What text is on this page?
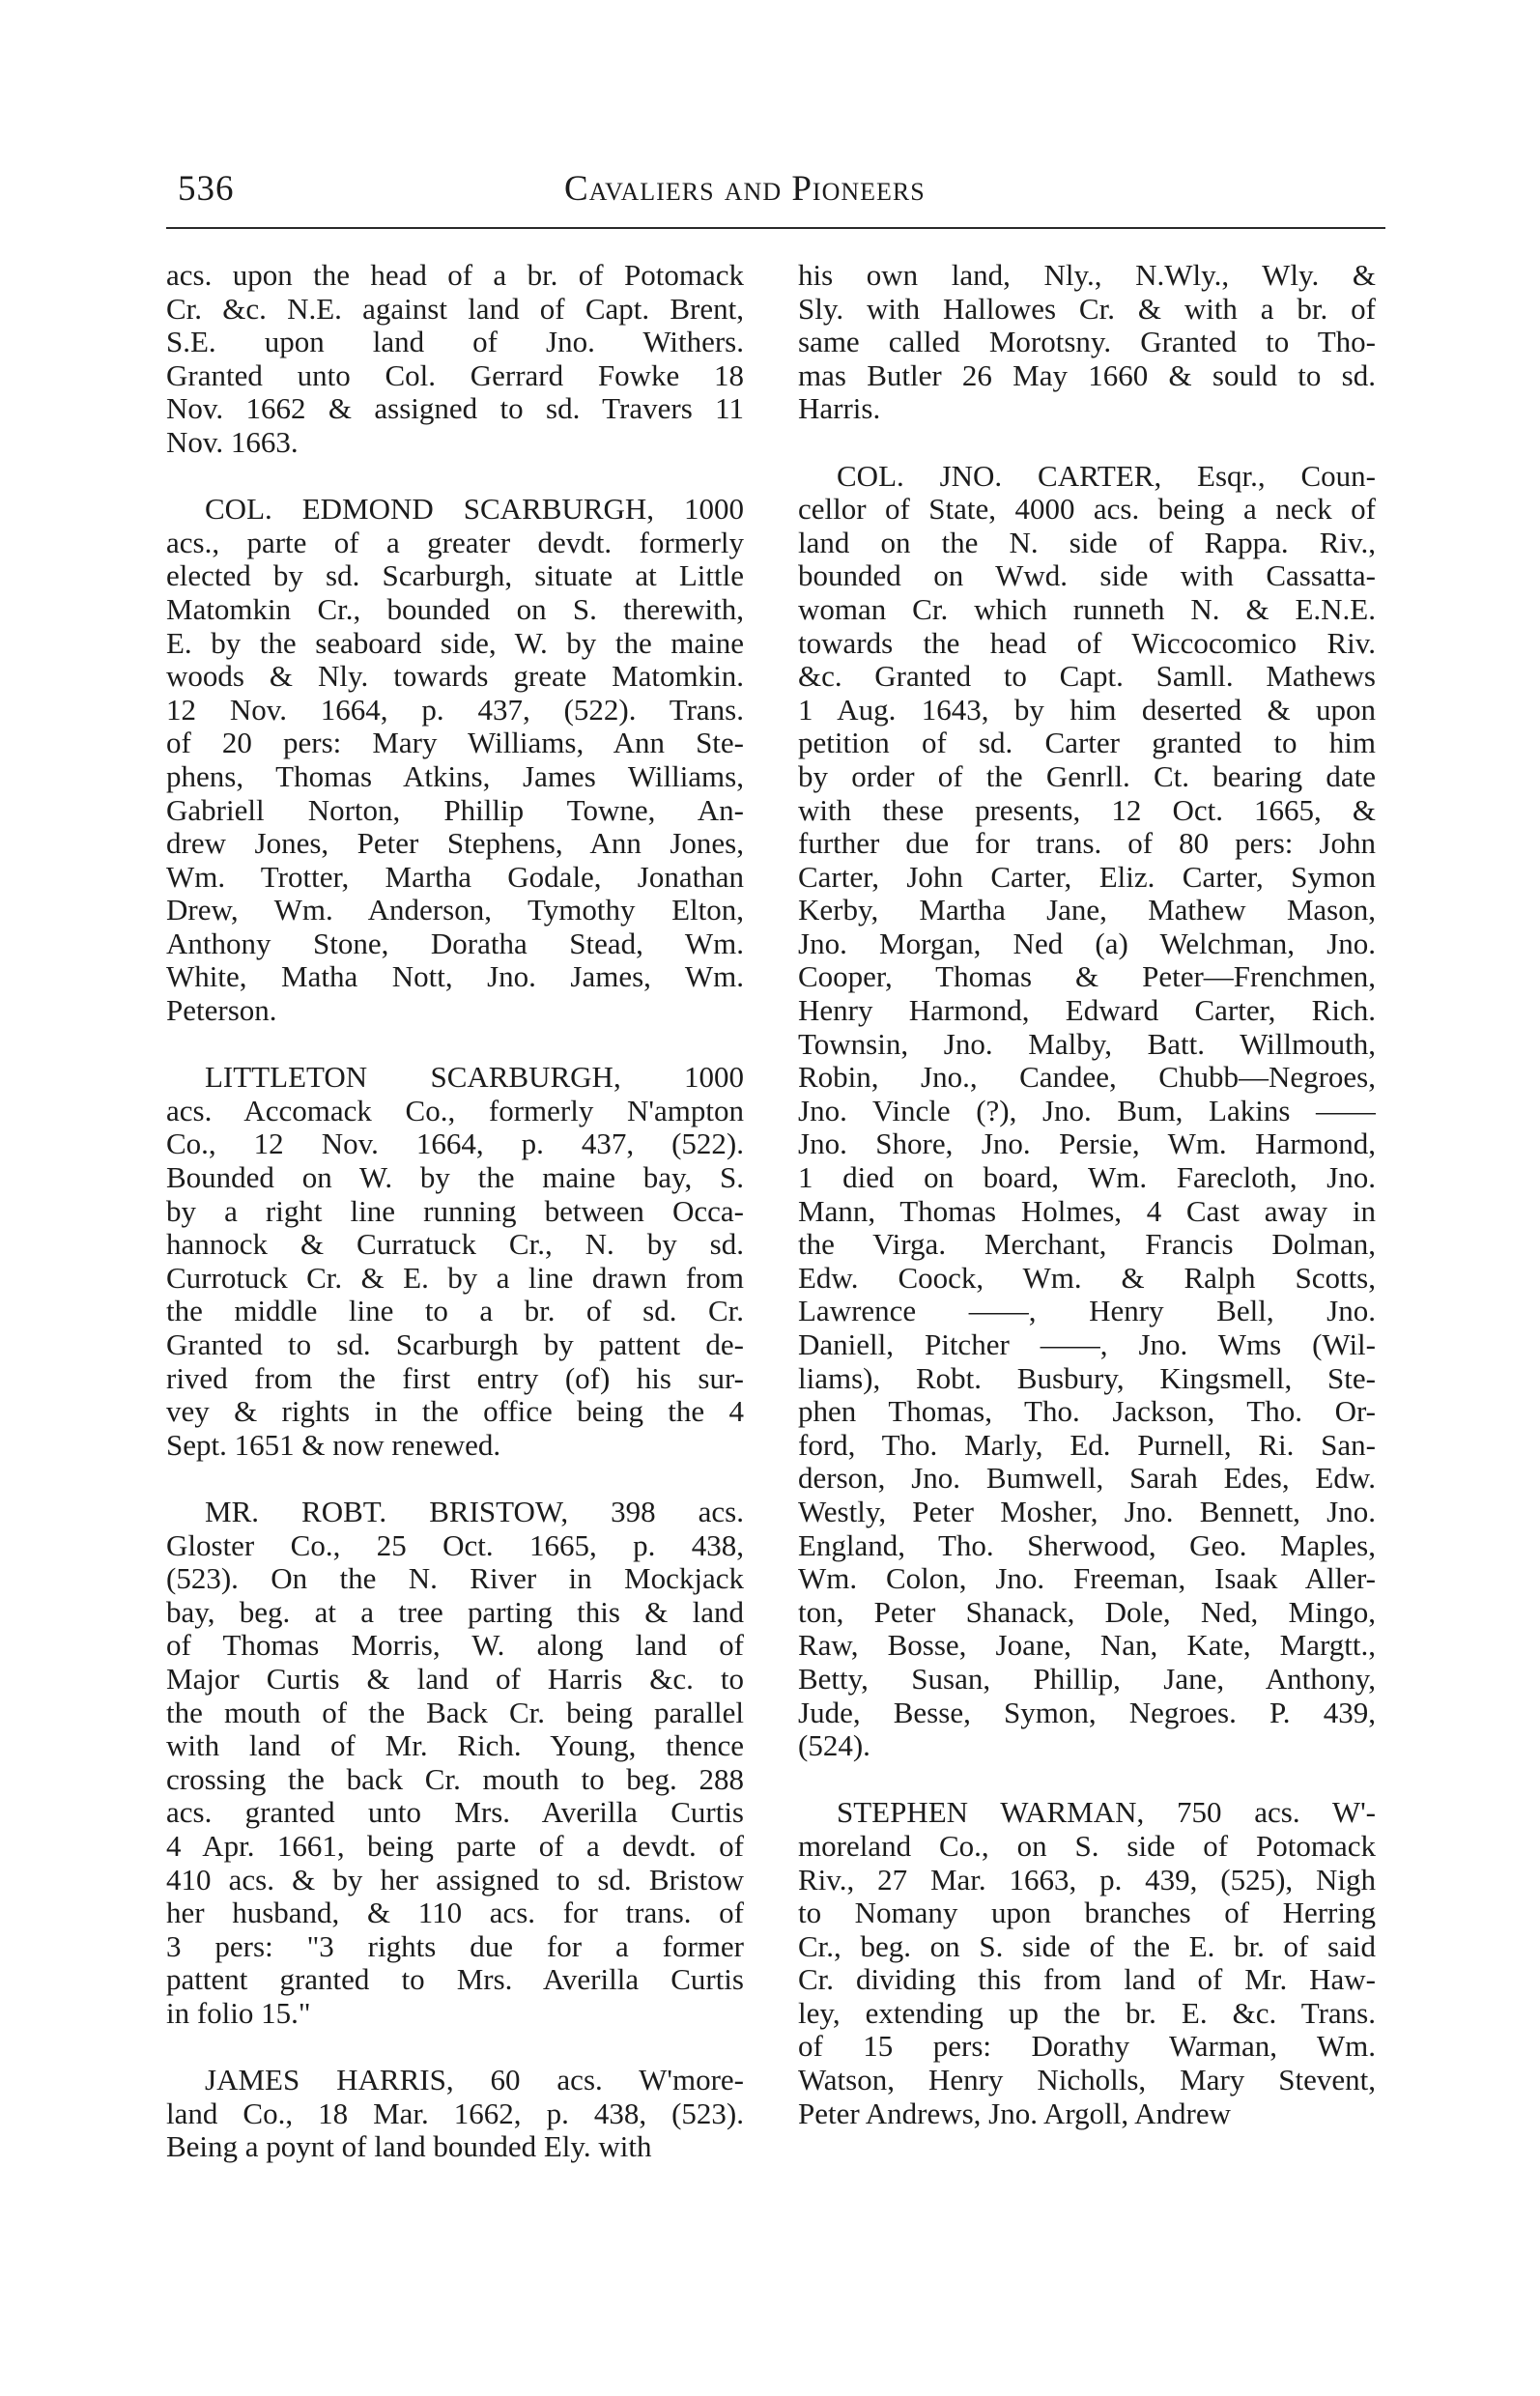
536	Cavaliers and Pioneers
acs. upon the head of a br. of Potomack
Cr. &c. N.E. against land of Capt. Brent,
S.E. upon land of Jno. Withers.
Granted unto Col. Gerrard Fowke 18
Nov. 1662 & assigned to sd. Travers 11
Nov. 1663.
COL. EDMOND SCARBURGH, 1000
acs., parte of a greater devdt. formerly
elected by sd. Scarburgh, situate at Little
Matomkin Cr., bounded on S. therewith,
E. by the seaboard side, W. by the maine
woods & Nly. towards greate Matomkin.
12 Nov. 1664, p. 437, (522). Trans.
of 20 pers: Mary Williams, Ann Ste-
phens, Thomas Atkins, James Williams,
Gabriell Norton, Phillip Towne, An-
drew Jones, Peter Stephens, Ann Jones,
Wm. Trotter, Martha Godale, Jonathan
Drew, Wm. Anderson, Tymothy Elton,
Anthony Stone, Doratha Stead, Wm.
White, Matha Nott, Jno. James, Wm.
Peterson.
LITTLETON SCARBURGH, 1000
acs. Accomack Co., formerly N'ampton
Co., 12 Nov. 1664, p. 437, (522).
Bounded on W. by the maine bay, S.
by a right line running between Occa-
hannock & Curratuck Cr., N. by sd.
Currotuck Cr. & E. by a line drawn from
the middle line to a br. of sd. Cr.
Granted to sd. Scarburgh by pattent de-
rived from the first entry (of) his sur-
vey & rights in the office being the 4
Sept. 1651 & now renewed.
MR. ROBT. BRISTOW, 398 acs.
Gloster Co., 25 Oct. 1665, p. 438,
(523). On the N. River in Mockjack
bay, beg. at a tree parting this & land
of Thomas Morris, W. along land of
Major Curtis & land of Harris &c. to
the mouth of the Back Cr. being parallel
with land of Mr. Rich. Young, thence
crossing the back Cr. mouth to beg. 288
acs. granted unto Mrs. Averilla Curtis
4 Apr. 1661, being parte of a devdt. of
410 acs. & by her assigned to sd. Bristow
her husband, & 110 acs. for trans. of
3 pers: "3 rights due for a former
pattent granted to Mrs. Averilla Curtis
in folio 15."
JAMES HARRIS, 60 acs. W'more-
land Co., 18 Mar. 1662, p. 438, (523).
Being a poynt of land bounded Ely. with
his own land, Nly., N.Wly., Wly. &
Sly. with Hallowes Cr. & with a br. of
same called Morotsny. Granted to Tho-
mas Butler 26 May 1660 & sould to sd.
Harris.
COL. JNO. CARTER, Esqr., Coun-
cellor of State, 4000 acs. being a neck of
land on the N. side of Rappa. Riv.,
bounded on Wwd. side with Cassatta-
woman Cr. which runneth N. & E.N.E.
towards the head of Wiccocomico Riv.
&c. Granted to Capt. Samll. Mathews
1 Aug. 1643, by him deserted & upon
petition of sd. Carter granted to him
by order of the Genrll. Ct. bearing date
with these presents, 12 Oct. 1665, &
further due for trans. of 80 pers: John
Carter, John Carter, Eliz. Carter, Symon
Kerby, Martha Jane, Mathew Mason,
Jno. Morgan, Ned (a) Welchman, Jno.
Cooper, Thomas & Peter—Frenchmen,
Henry Harmond, Edward Carter, Rich.
Townsin, Jno. Malby, Batt. Willmouth,
Robin, Jno., Candee, Chubb—Negroes,
Jno. Vincle (?), Jno. Bum, Lakins ——
Jno. Shore, Jno. Persie, Wm. Harmond,
1 died on board, Wm. Farecloth, Jno.
Mann, Thomas Holmes, 4 Cast away in
the Virga. Merchant, Francis Dolman,
Edw. Coock, Wm. & Ralph Scotts,
Lawrence ——, Henry Bell, Jno.
Daniell, Pitcher ——, Jno. Wms (Wil-
liams), Robt. Busbury, Kingsmell, Ste-
phen Thomas, Tho. Jackson, Tho. Or-
ford, Tho. Marly, Ed. Purnell, Ri. San-
derson, Jno. Bumwell, Sarah Edes, Edw.
Westly, Peter Mosher, Jno. Bennett, Jno.
England, Tho. Sherwood, Geo. Maples,
Wm. Colon, Jno. Freeman, Isaak Aller-
ton, Peter Shanack, Dole, Ned, Mingo,
Raw, Bosse, Joane, Nan, Kate, Margtt.,
Betty, Susan, Phillip, Jane, Anthony,
Jude, Besse, Symon, Negroes. P. 439,
(524).
STEPHEN WARMAN, 750 acs. W'-
moreland Co., on S. side of Potomack
Riv., 27 Mar. 1663, p. 439, (525), Nigh
to Nomany upon branches of Herring
Cr., beg. on S. side of the E. br. of said
Cr. dividing this from land of Mr. Haw-
ley, extending up the br. E. &c. Trans.
of 15 pers: Dorathy Warman, Wm.
Watson, Henry Nicholls, Mary Stevent,
Peter Andrews, Jno. Argoll, Andrew
